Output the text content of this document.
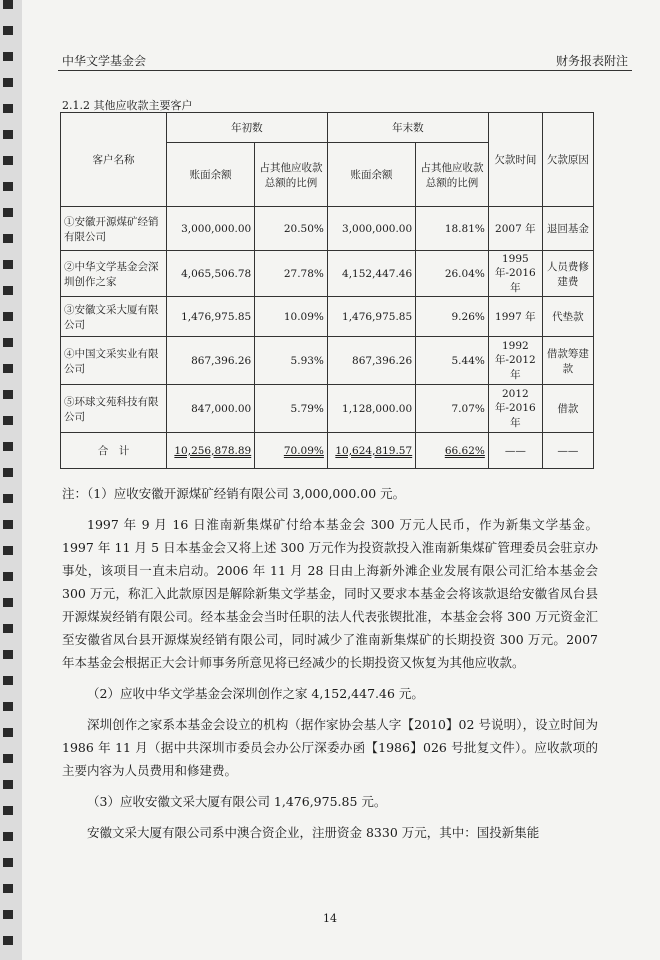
中华文学基金会	财务报表附注
2.1.2 其他应收款主要客户
客户名称	年初数		年末数		欠款时间	欠款原因
	账面余额	占其他应收款总额的比例	账面余额	占其他应收款总额的比例		
①安徽开源煤矿经销有限公司	3,000,000.00	20.50%	3,000,000.00	18.81%	2007 年	退回基金
②中华文学基金会深圳创作之家	4,065,506.78	27.78%	4,152,447.46	26.04%	1995 年-2016 年	人员费修建费
③安徽文采大厦有限公司	1,476,975.85	10.09%	1,476,975.85	9.26%	1997 年	代垫款
④中国文采实业有限公司	867,396.26	5.93%	867,396.26	5.44%	1992 年-2012 年	借款筹建款
⑤环球文苑科技有限公司	847,000.00	5.79%	1,128,000.00	7.07%	2012 年-2016 年	借款
合　计	10,256,878.89	70.09%	10,624,819.57	66.62%	——	——

注：（1）应收安徽开源煤矿经销有限公司 3,000,000.00 元。

1997 年 9 月 16 日淮南新集煤矿付给本基金会 300 万元人民币，作为新集文学基金。1997 年 11 月 5 日本基金会又将上述 300 万元作为投资款投入淮南新集煤矿管理委员会驻京办事处，该项目一直未启动。2006 年 11 月 28 日由上海新外滩企业发展有限公司汇给本基金会 300 万元，称汇入此款原因是解除新集文学基金，同时又要求本基金会将该款退给安徽省凤台县开源煤炭经销有限公司。经本基金会当时任职的法人代表张锲批准，本基金会将 300 万元资金汇至安徽省凤台县开源煤炭经销有限公司，同时减少了淮南新集煤矿的长期投资 300 万元。2007 年本基金会根据正大会计师事务所意见将已经减少的长期投资又恢复为其他应收款。

（2）应收中华文学基金会深圳创作之家 4,152,447.46 元。

深圳创作之家系本基金会设立的机构（据作家协会基人字【2010】02 号说明），设立时间为 1986 年 11 月（据中共深圳市委员会办公厅深委办函【1986】026 号批复文件）。应收款项的主要内容为人员费用和修建费。

（3）应收安徽文采大厦有限公司 1,476,975.85 元。

安徽文采大厦有限公司系中澳合资企业，注册资金 8330 万元，其中：国投新集能

14
